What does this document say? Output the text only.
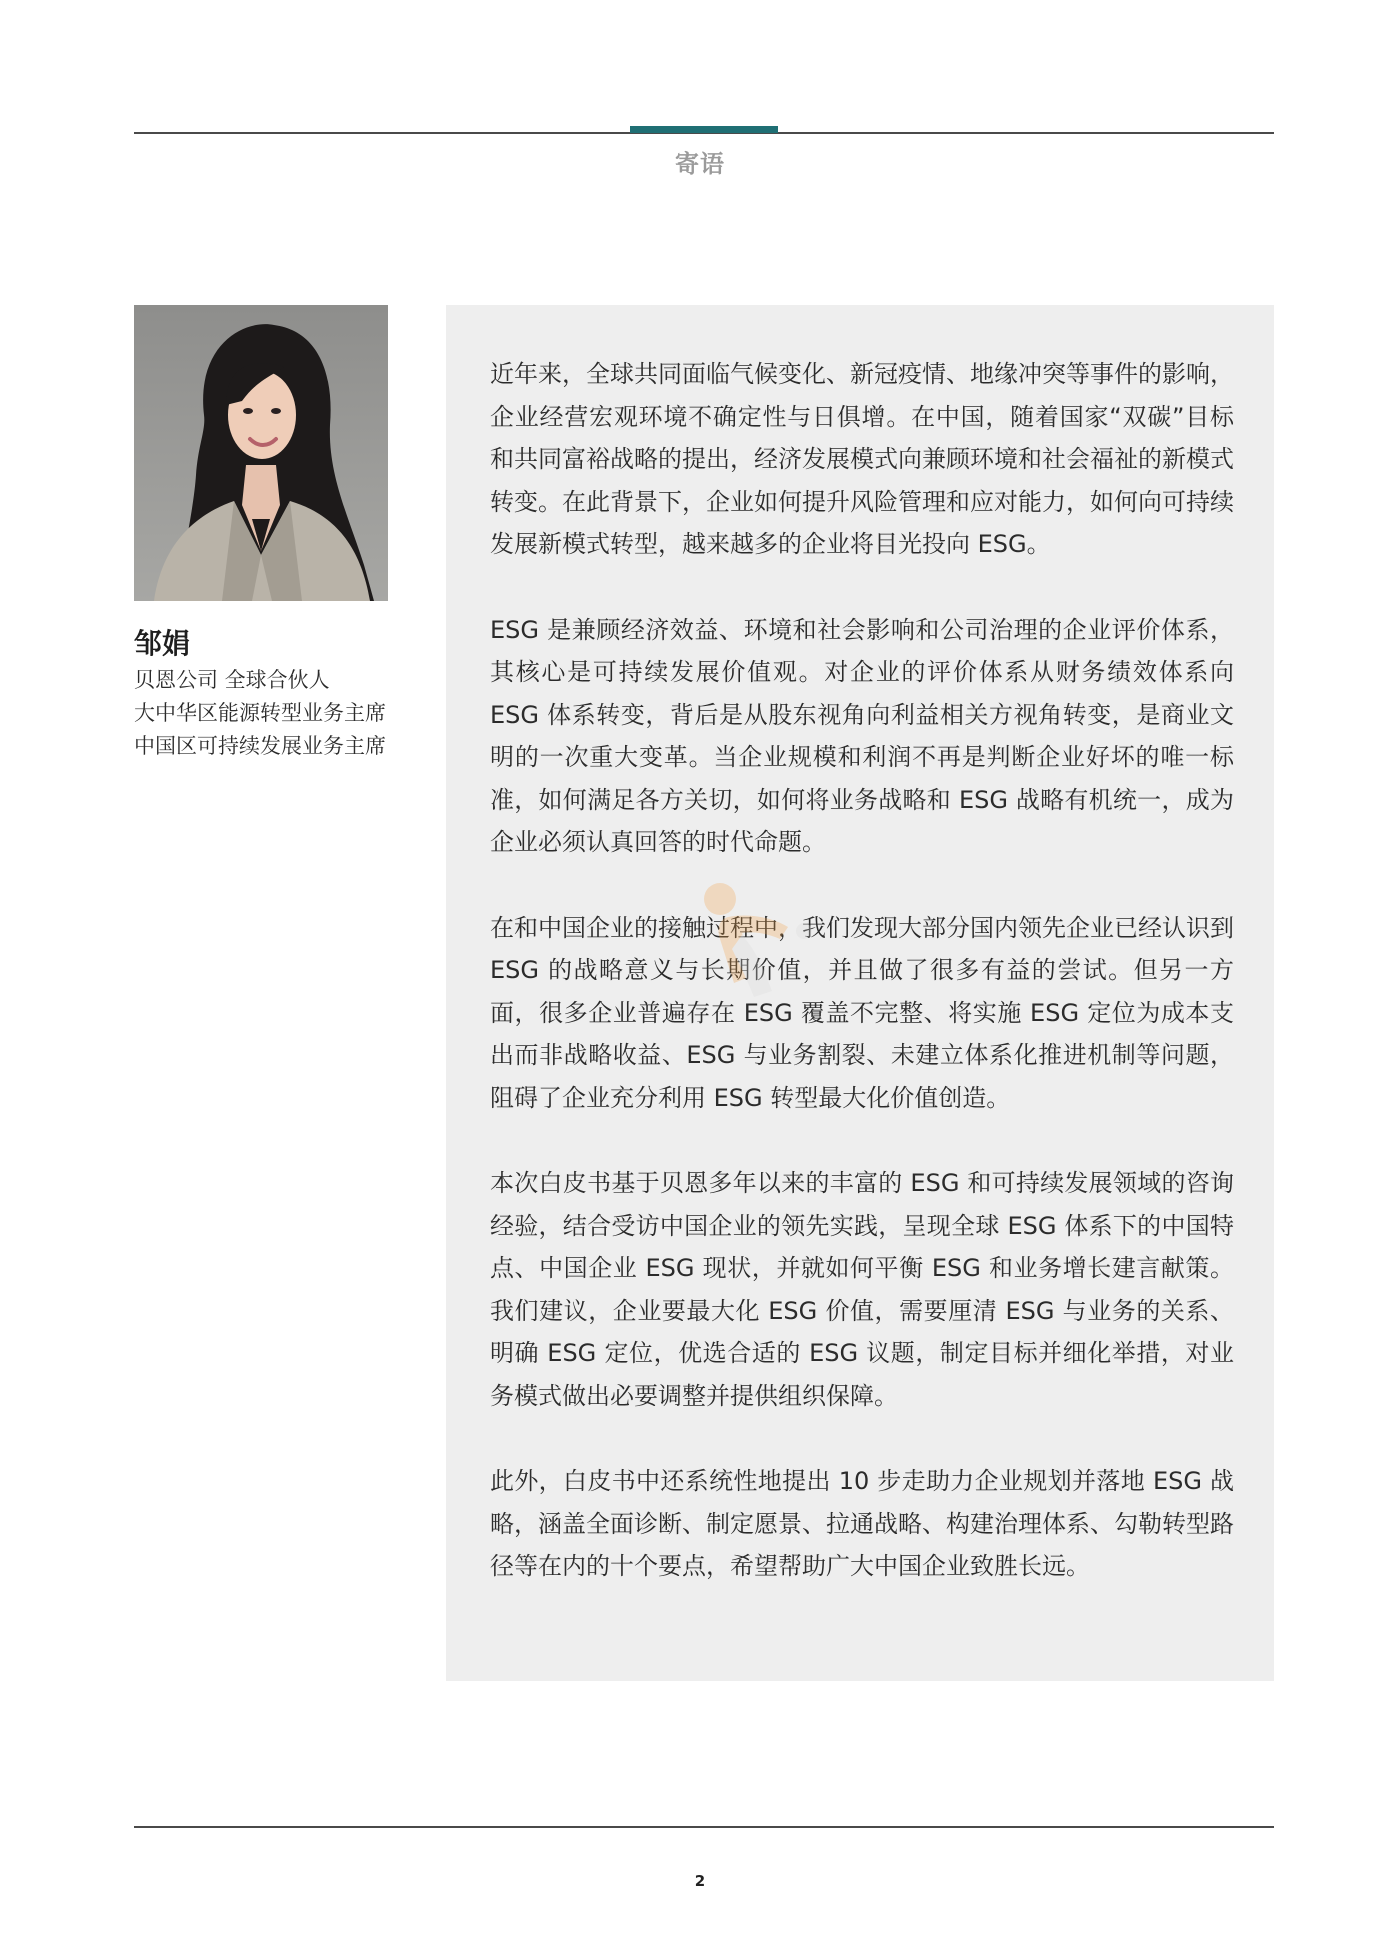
寄语
邹娟
贝恩公司 全球合伙人
大中华区能源转型业务主席
中国区可持续发展业务主席

近年来，全球共同面临气候变化、新冠疫情、地缘冲突等事件的影响，企业经营宏观环境不确定性与日俱增。在中国，随着国家“双碳”目标和共同富裕战略的提出，经济发展模式向兼顾环境和社会福祉的新模式转变。在此背景下，企业如何提升风险管理和应对能力，如何向可持续发展新模式转型，越来越多的企业将目光投向 ESG。

ESG 是兼顾经济效益、环境和社会影响和公司治理的企业评价体系，其核心是可持续发展价值观。对企业的评价体系从财务绩效体系向 ESG 体系转变，背后是从股东视角向利益相关方视角转变，是商业文明的一次重大变革。当企业规模和利润不再是判断企业好坏的唯一标准，如何满足各方关切，如何将业务战略和 ESG 战略有机统一，成为企业必须认真回答的时代命题。

在和中国企业的接触过程中，我们发现大部分国内领先企业已经认识到 ESG 的战略意义与长期价值，并且做了很多有益的尝试。但另一方面，很多企业普遍存在 ESG 覆盖不完整、将实施 ESG 定位为成本支出而非战略收益、ESG 与业务割裂、未建立体系化推进机制等问题，阻碍了企业充分利用 ESG 转型最大化价值创造。

本次白皮书基于贝恩多年以来的丰富的 ESG 和可持续发展领域的咨询经验，结合受访中国企业的领先实践，呈现全球 ESG 体系下的中国特点、中国企业 ESG 现状，并就如何平衡 ESG 和业务增长建言献策。我们建议，企业要最大化 ESG 价值，需要厘清 ESG 与业务的关系、明确 ESG 定位，优选合适的 ESG 议题，制定目标并细化举措，对业务模式做出必要调整并提供组织保障。

此外，白皮书中还系统性地提出 10 步走助力企业规划并落地 ESG 战略，涵盖全面诊断、制定愿景、拉通战略、构建治理体系、勾勒转型路径等在内的十个要点，希望帮助广大中国企业致胜长远。

2
